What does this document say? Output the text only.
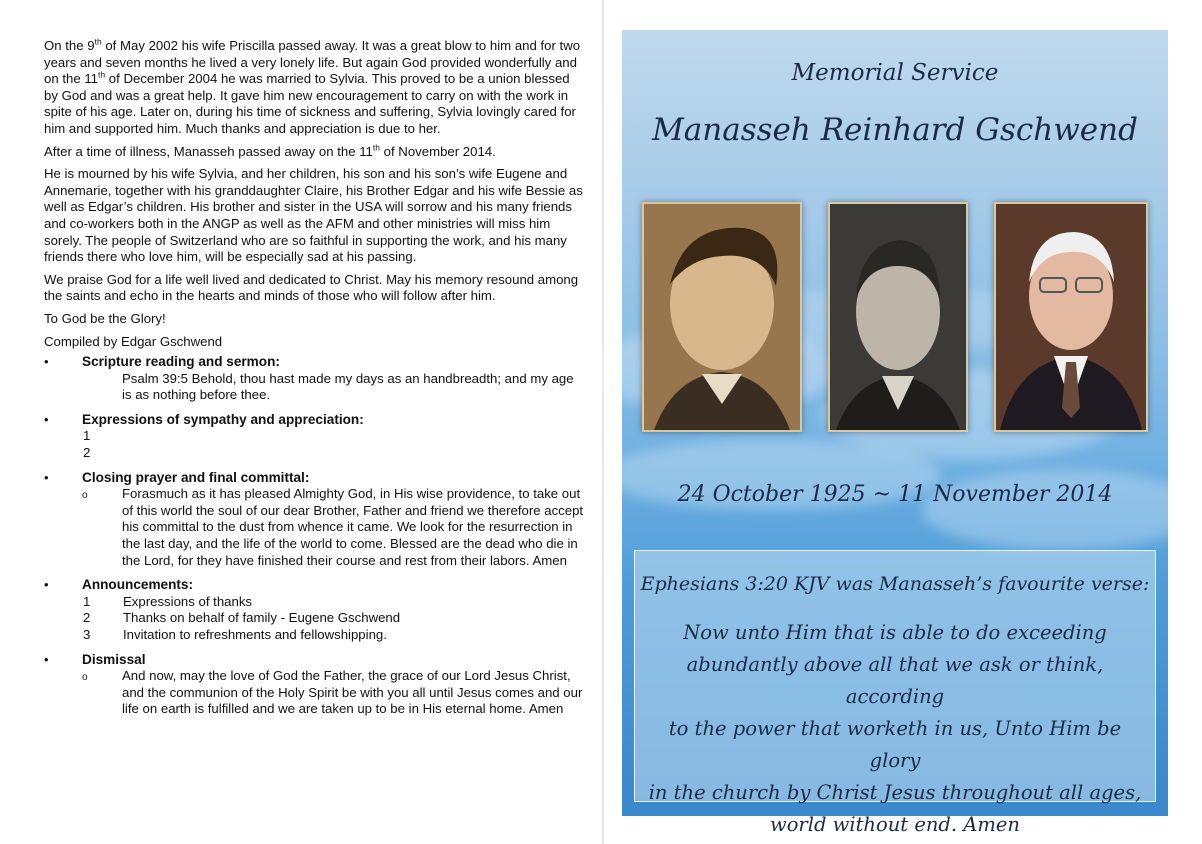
On the 9th of May 2002 his wife Priscilla passed away. It was a great blow to him and for two years and seven months he lived a very lonely life. But again God provided wonderfully and on the 11th of December 2004 he was married to Sylvia. This proved to be a union blessed by God and was a great help. It gave him new encouragement to carry on with the work in spite of his age. Later on, during his time of sickness and suffering, Sylvia lovingly cared for him and supported him. Much thanks and appreciation is due to her.

After a time of illness, Manasseh passed away on the 11th of November 2014.

He is mourned by his wife Sylvia, and her children, his son and his son’s wife Eugene and Annemarie, together with his granddaughter Claire, his Brother Edgar and his wife Bessie as well as Edgar’s children. His brother and sister in the USA will sorrow and his many friends and co-workers both in the ANGP as well as the AFM and other ministries will miss him sorely. The people of Switzerland who are so faithful in supporting the work, and his many friends there who love him, will be especially sad at his passing.

We praise God for a life well lived and dedicated to Christ. May his memory resound among the saints and echo in the hearts and minds of those who will follow after him.

To God be the Glory!

Compiled by Edgar Gschwend

• Scripture reading and sermon:
Psalm 39:5 Behold, thou hast made my days as an handbreadth; and my age is as nothing before thee.
• Expressions of sympathy and appreciation:
1
2
• Closing prayer and final committal:
o	Forasmuch as it has pleased Almighty God, in His wise providence, to take out of this world the soul of our dear Brother, Father and friend we therefore accept his committal to the dust from whence it came. We look for the resurrection in the last day, and the life of the world to come. Blessed are the dead who die in the Lord, for they have finished their course and rest from their labors. Amen
• Announcements:
1	Expressions of thanks
2	Thanks on behalf of family - Eugene Gschwend
3	Invitation to refreshments and fellowshipping.
• Dismissal
o	And now, may the love of God the Father, the grace of our Lord Jesus Christ, and the communion of the Holy Spirit be with you all until Jesus comes and our life on earth is fulfilled and we are taken up to be in His eternal home. Amen
Memorial Service
Manasseh Reinhard Gschwend
24 October 1925 ~ 11 November 2014
Ephesians 3:20 KJV was Manasseh’s favourite verse:
Now unto Him that is able to do exceeding
abundantly above all that we ask or think, according
to the power that worketh in us, Unto Him be glory
in the church by Christ Jesus throughout all ages,
world without end. Amen
